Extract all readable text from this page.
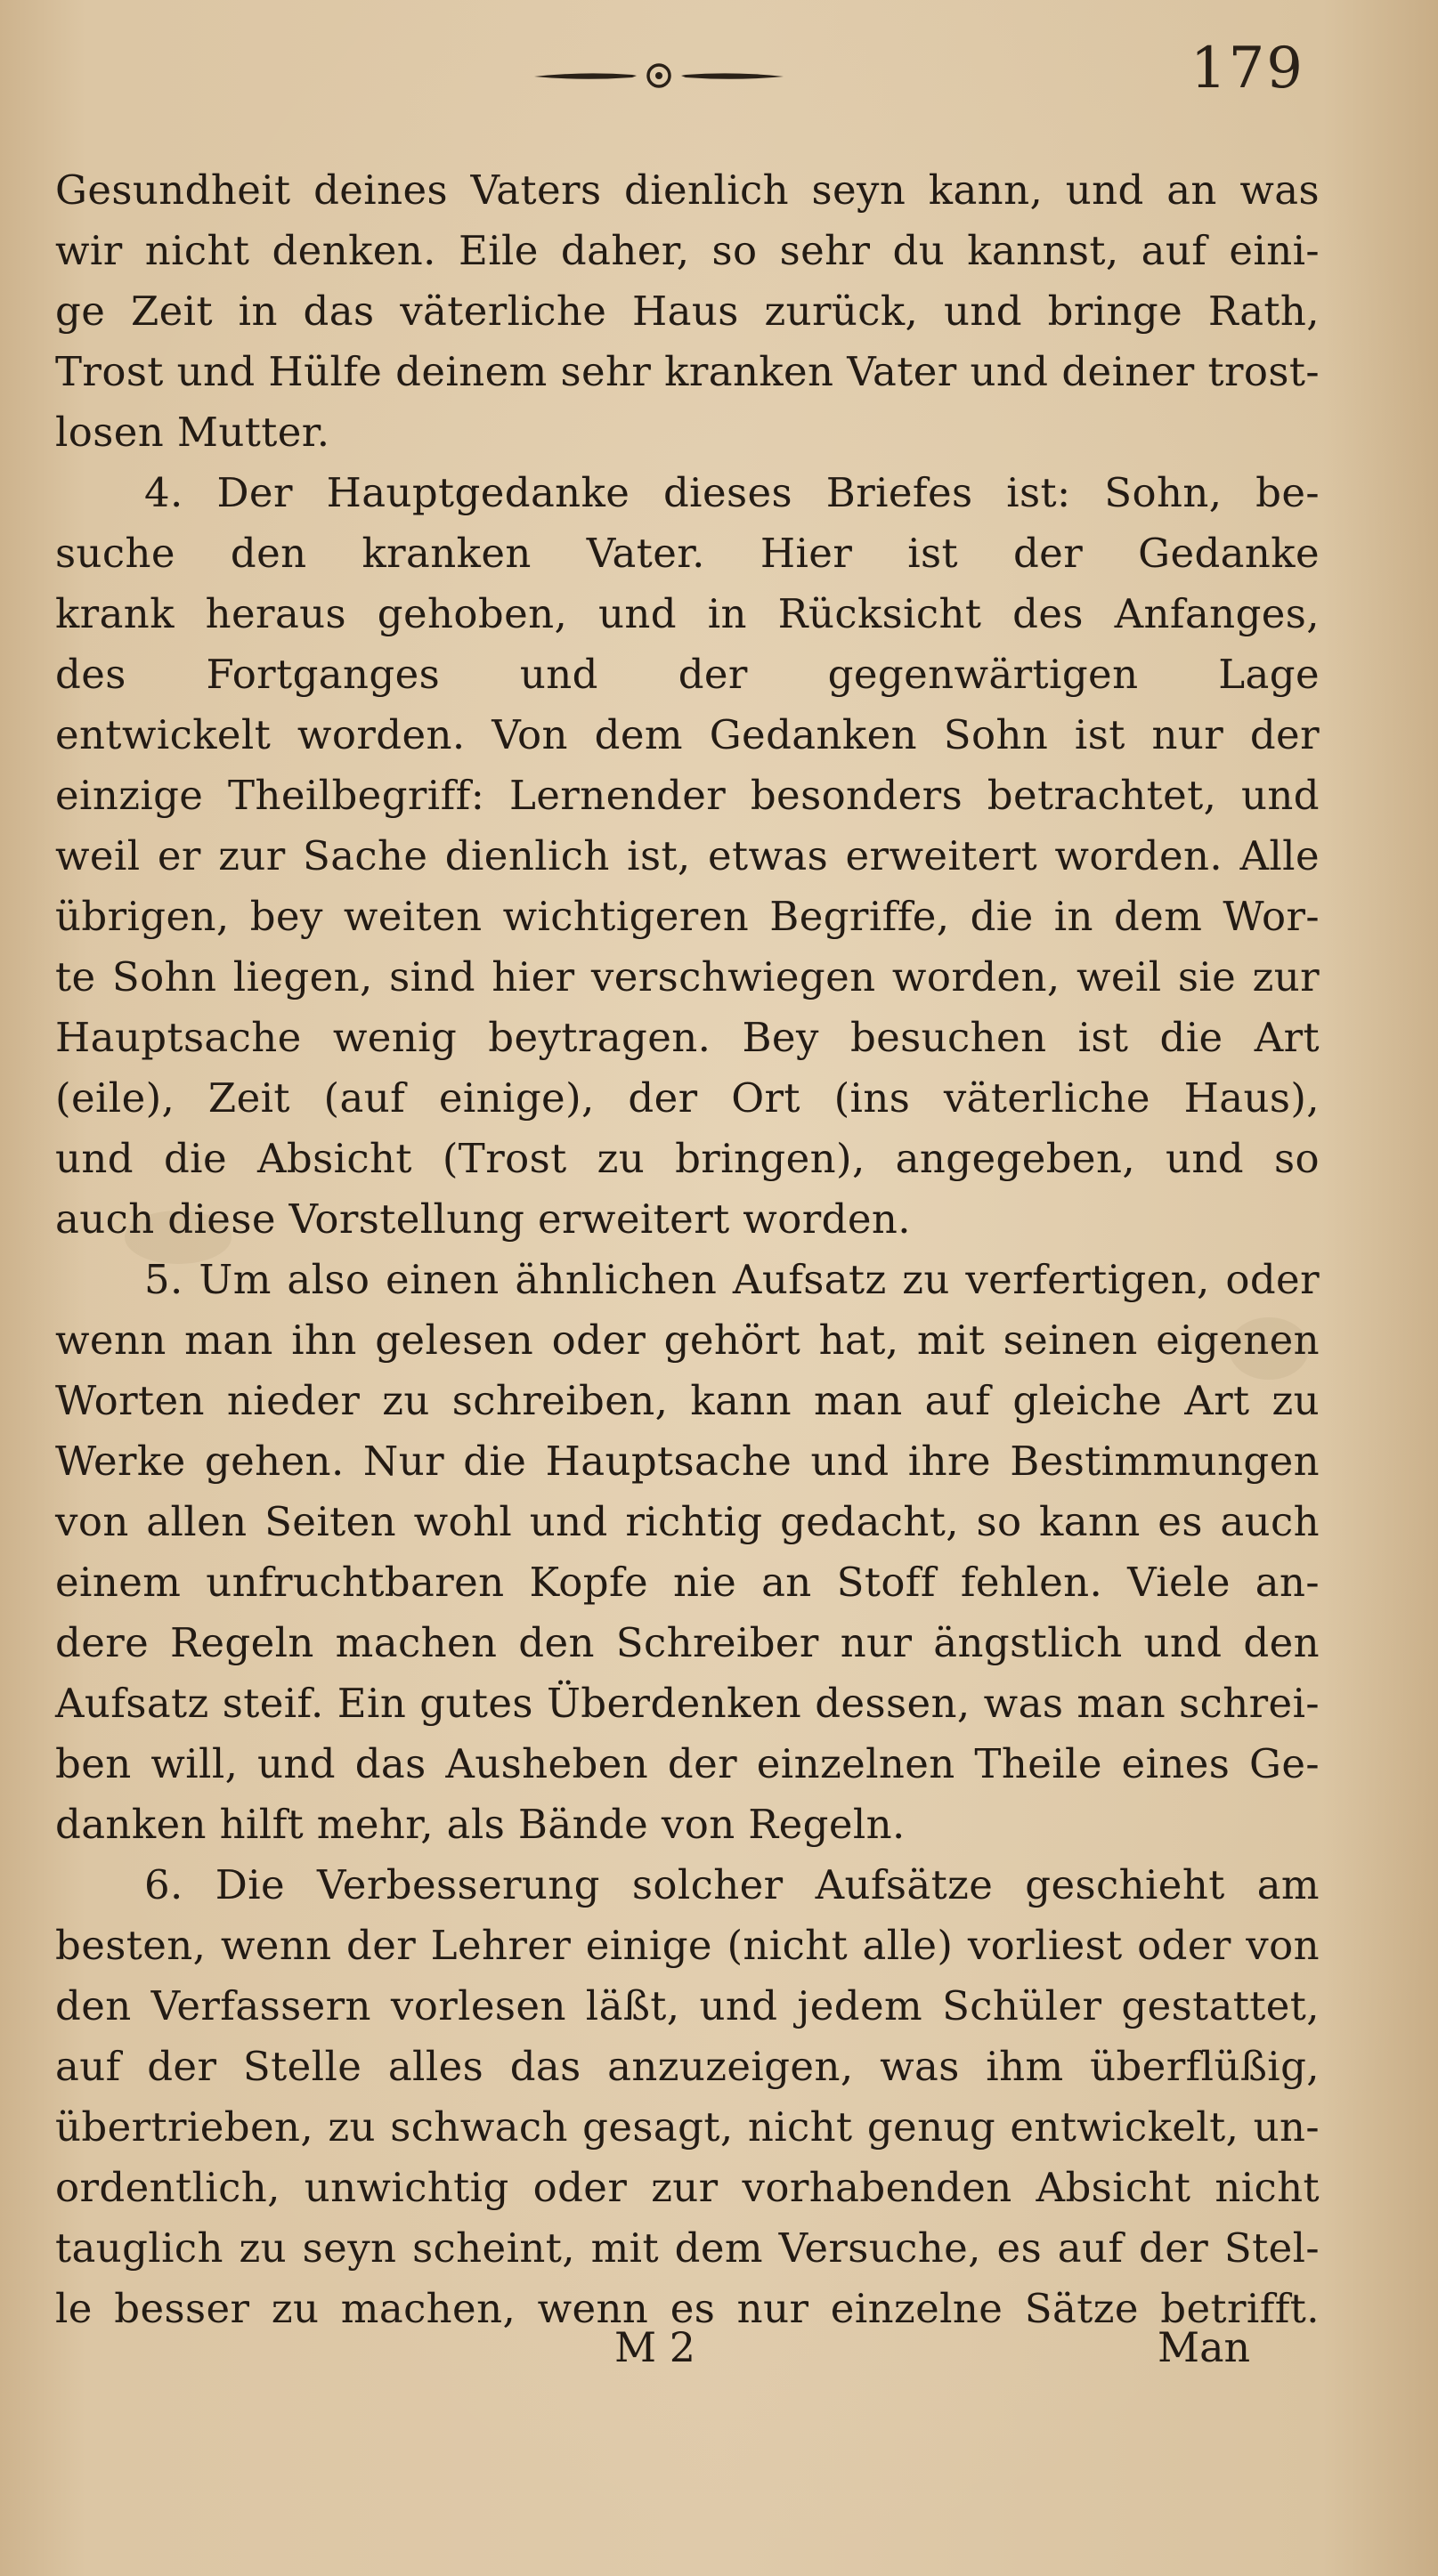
179
Gesundheit deines Vaters dienlich seyn kann, und an was
wir nicht denken. Eile daher, so sehr du kannst, auf eini-
ge Zeit in das väterliche Haus zurück, und bringe Rath,
Trost und Hülfe deinem sehr kranken Vater und deiner trost-
losen Mutter.
4. Der Hauptgedanke dieses Briefes ist: Sohn, be-
suche den kranken Vater. Hier ist der Gedanke
krank heraus gehoben, und in Rücksicht des Anfanges,
des Fortganges und der gegenwärtigen Lage
entwickelt worden. Von dem Gedanken Sohn ist nur der
einzige Theilbegriff: Lernender besonders betrachtet, und
weil er zur Sache dienlich ist, etwas erweitert worden. Alle
übrigen, bey weiten wichtigeren Begriffe, die in dem Wor-
te Sohn liegen, sind hier verschwiegen worden, weil sie zur
Hauptsache wenig beytragen. Bey besuchen ist die Art
(eile), Zeit (auf einige), der Ort (ins väterliche Haus),
und die Absicht (Trost zu bringen), angegeben, und so
auch diese Vorstellung erweitert worden.
5. Um also einen ähnlichen Aufsatz zu verfertigen, oder
wenn man ihn gelesen oder gehört hat, mit seinen eigenen
Worten nieder zu schreiben, kann man auf gleiche Art zu
Werke gehen. Nur die Hauptsache und ihre Bestimmungen
von allen Seiten wohl und richtig gedacht, so kann es auch
einem unfruchtbaren Kopfe nie an Stoff fehlen. Viele an-
dere Regeln machen den Schreiber nur ängstlich und den
Aufsatz steif. Ein gutes Überdenken dessen, was man schrei-
ben will, und das Ausheben der einzelnen Theile eines Ge-
danken hilft mehr, als Bände von Regeln.
6. Die Verbesserung solcher Aufsätze geschieht am
besten, wenn der Lehrer einige (nicht alle) vorliest oder von
den Verfassern vorlesen läßt, und jedem Schüler gestattet,
auf der Stelle alles das anzuzeigen, was ihm überflüßig,
übertrieben, zu schwach gesagt, nicht genug entwickelt, un-
ordentlich, unwichtig oder zur vorhabenden Absicht nicht
tauglich zu seyn scheint, mit dem Versuche, es auf der Stel-
le besser zu machen, wenn es nur einzelne Sätze betrifft.
M 2	Man
